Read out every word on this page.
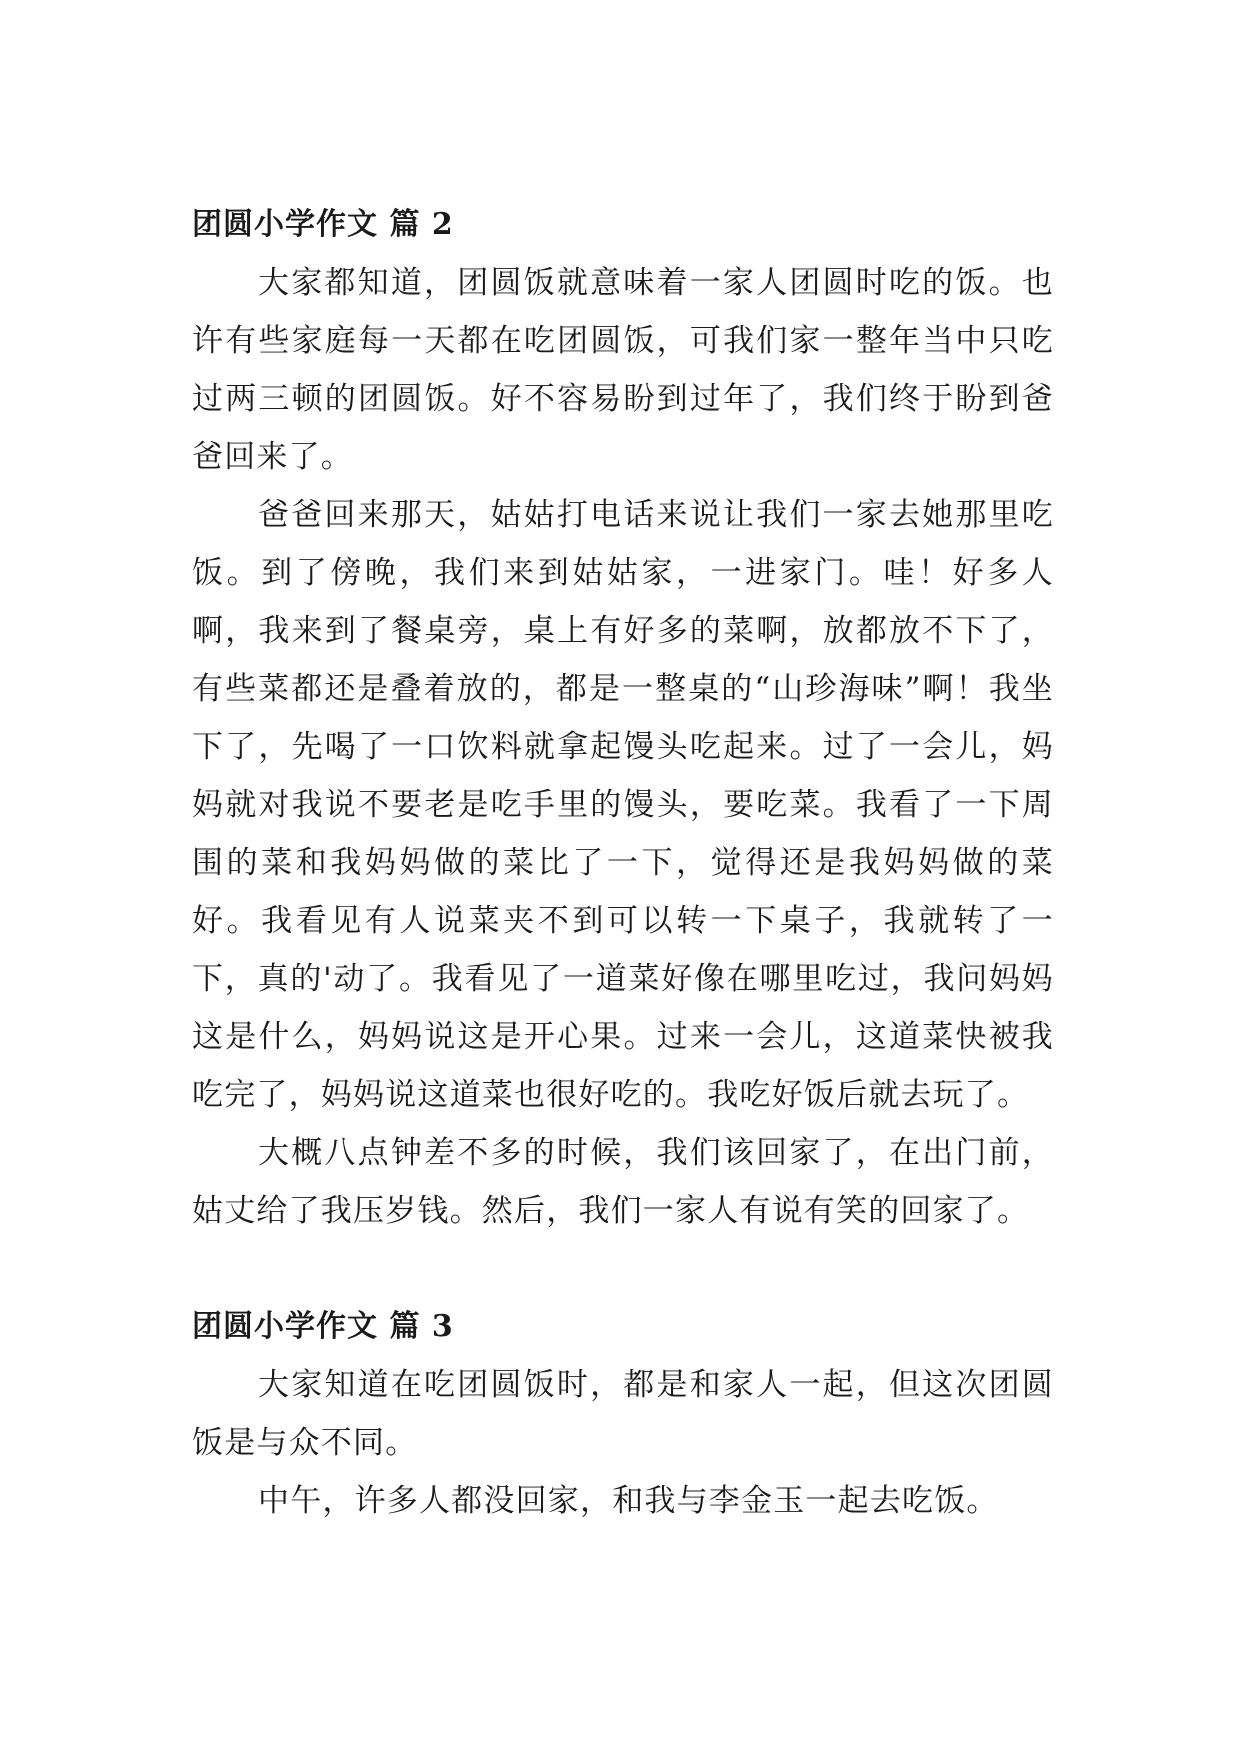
团圆小学作文 篇 2

大家都知道，团圆饭就意味着一家人团圆时吃的饭。也许有些家庭每一天都在吃团圆饭，可我们家一整年当中只吃过两三顿的团圆饭。好不容易盼到过年了，我们终于盼到爸爸回来了。

爸爸回来那天，姑姑打电话来说让我们一家去她那里吃饭。到了傍晚，我们来到姑姑家，一进家门。哇！好多人啊，我来到了餐桌旁，桌上有好多的菜啊，放都放不下了，有些菜都还是叠着放的，都是一整桌的“山珍海味”啊！我坐下了，先喝了一口饮料就拿起馒头吃起来。过了一会儿，妈妈就对我说不要老是吃手里的馒头，要吃菜。我看了一下周围的菜和我妈妈做的菜比了一下，觉得还是我妈妈做的菜好。我看见有人说菜夹不到可以转一下桌子，我就转了一下，真的'动了。我看见了一道菜好像在哪里吃过，我问妈妈这是什么，妈妈说这是开心果。过来一会儿，这道菜快被我吃完了，妈妈说这道菜也很好吃的。我吃好饭后就去玩了。

大概八点钟差不多的时候，我们该回家了，在出门前，姑丈给了我压岁钱。然后，我们一家人有说有笑的回家了。

团圆小学作文 篇 3

大家知道在吃团圆饭时，都是和家人一起，但这次团圆饭是与众不同。

中午，许多人都没回家，和我与李金玉一起去吃饭。
